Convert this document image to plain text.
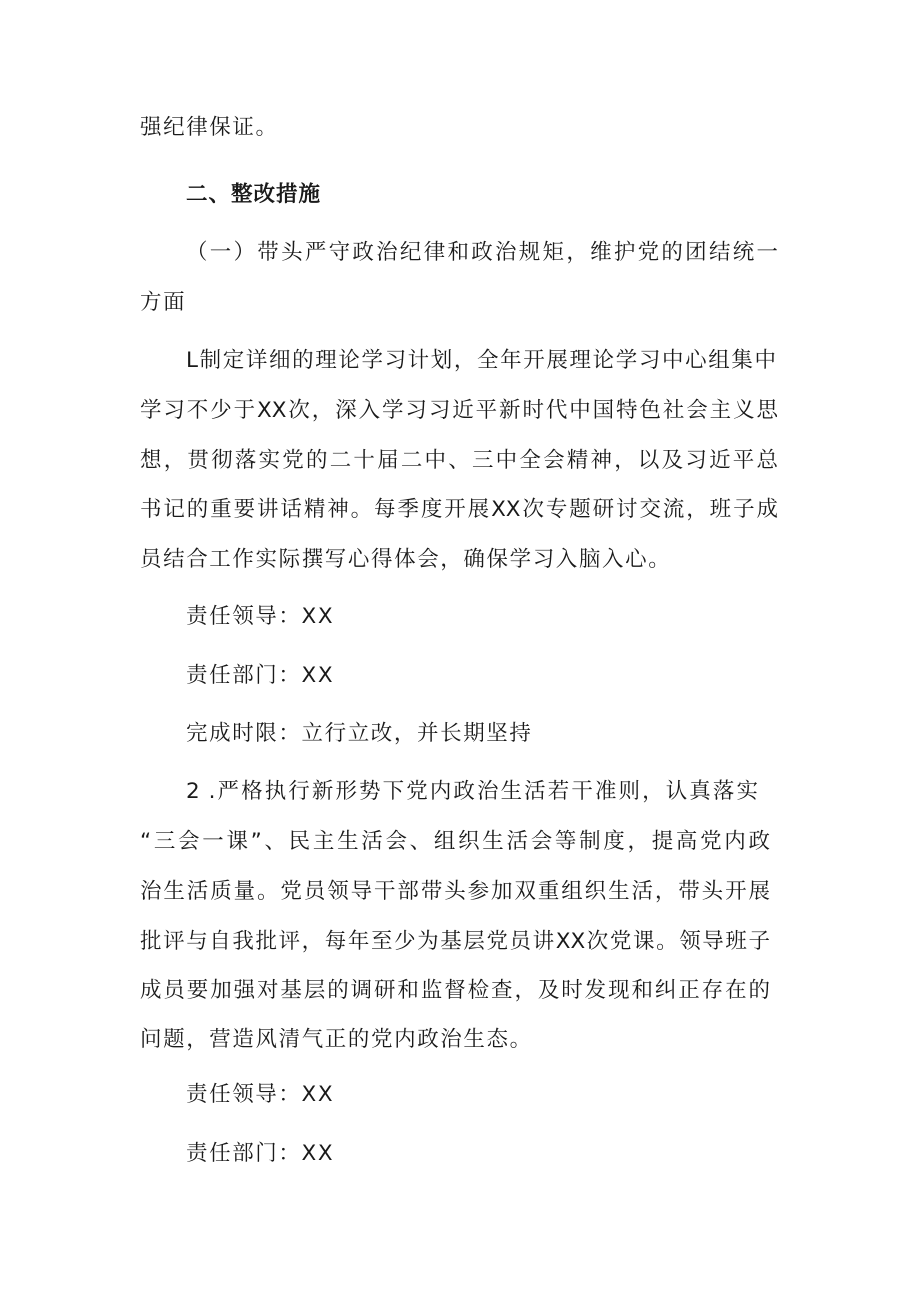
强纪律保证。
二、整改措施
（一）带头严守政治纪律和政治规矩，维护党的团结统一
方面
L制定详细的理论学习计划，全年开展理论学习中心组集中
学习不少于XX次，深入学习习近平新时代中国特色社会主义思
想，贯彻落实党的二十届二中、三中全会精神，以及习近平总
书记的重要讲话精神。每季度开展XX次专题研讨交流，班子成
员结合工作实际撰写心得体会，确保学习入脑入心。
责任领导：XX
责任部门：XX
完成时限：立行立改，并长期坚持
2 .严格执行新形势下党内政治生活若干准则，认真落实
“三会一课”、民主生活会、组织生活会等制度，提高党内政
治生活质量。党员领导干部带头参加双重组织生活，带头开展
批评与自我批评，每年至少为基层党员讲XX次党课。领导班子
成员要加强对基层的调研和监督检查，及时发现和纠正存在的
问题，营造风清气正的党内政治生态。
责任领导：XX
责任部门：XX
